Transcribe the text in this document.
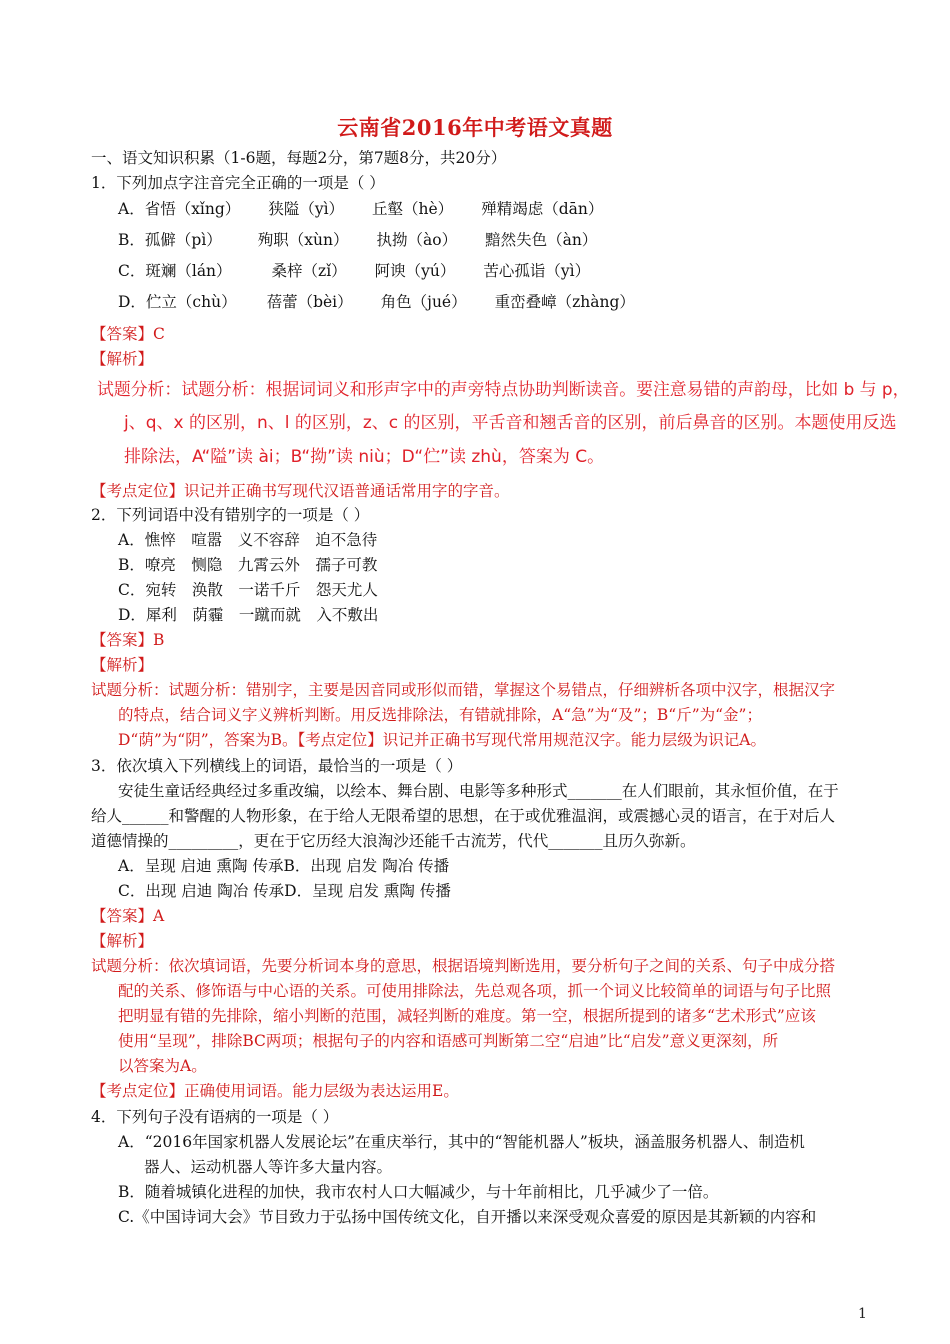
云南省2016年中考语文真题
一、语文知识积累（1-6题，每题2分，第7题8分，共20分）
1．下列加点字注音完全正确的一项是（ ）
A．省悟（xǐng） 狭隘（yì） 丘壑（hè） 殚精竭虑（dān）
B．孤僻（pì） 殉职（xùn） 执拗（ào） 黯然失色（àn）
C．斑斓（lán）	桑梓（zǐ） 阿谀（yú） 苦心孤诣（yì）
D．伫立（chù） 蓓蕾（bèi） 角色（jué） 重峦叠嶂（zhàng）
【答案】C
【解析】
试题分析：试题分析：根据词词义和形声字中的声旁特点协助判断读音。要注意易错的声韵母，比如 b 与 p，
j、q、x 的区别，n、l 的区别，z、c 的区别，平舌音和翘舌音的区别，前后鼻音的区别。本题使用反选
排除法，A“隘”读 ài；B“拗”读 niù；D“伫”读 zhù，答案为 C。
【考点定位】识记并正确书写现代汉语普通话常用字的字音。
2．下列词语中没有错别字的一项是（ ）
A．憔悴　喧嚣　义不容辞　迫不急待
B．嘹亮　恻隐　九霄云外　孺子可教
C．宛转　涣散　一诺千斤　怨天尤人
D．犀利　荫霾　一蹴而就　入不敷出
【答案】B
【解析】
试题分析：试题分析：错别字，主要是因音同或形似而错，掌握这个易错点，仔细辨析各项中汉字，根据汉字
的特点，结合词义字义辨析判断。用反选排除法，有错就排除，A“急”为“及”；B“斤”为“金”；
D“荫”为“阴”，答案为B。【考点定位】识记并正确书写现代常用规范汉字。能力层级为识记A。
3．依次填入下列横线上的词语，最恰当的一项是（ ）
安徒生童话经典经过多重改编，以绘本、舞台剧、电影等多种形式_______在人们眼前，其永恒价值，在于
给人______和警醒的人物形象，在于给人无限希望的思想，在于或优雅温润，或震撼心灵的语言，在于对后人
道德情操的_________，更在于它历经大浪淘沙还能千古流芳，代代_______且历久弥新。
A．呈现 启迪 熏陶 传承B．出现 启发 陶冶 传播
C．出现 启迪 陶冶 传承D．呈现 启发 熏陶 传播
【答案】A
【解析】
试题分析：依次填词语，先要分析词本身的意思，根据语境判断选用，要分析句子之间的关系、句子中成分搭
配的关系、修饰语与中心语的关系。可使用排除法，先总观各项，抓一个词义比较简单的词语与句子比照
把明显有错的先排除，缩小判断的范围，减轻判断的难度。第一空，根据所提到的诸多“艺术形式”应该
使用“呈现”，排除BC两项；根据句子的内容和语感可判断第二空“启迪”比“启发”意义更深刻，所
以答案为A。
【考点定位】正确使用词语。能力层级为表达运用E。
4．下列句子没有语病的一项是（ ）
A．“2016年国家机器人发展论坛”在重庆举行，其中的“智能机器人”板块，涵盖服务机器人、制造机
器人、运动机器人等许多大量内容。
B．随着城镇化进程的加快，我市农村人口大幅减少，与十年前相比，几乎减少了一倍。
C.《中国诗词大会》节目致力于弘扬中国传统文化，自开播以来深受观众喜爱的原因是其新颖的内容和
1
